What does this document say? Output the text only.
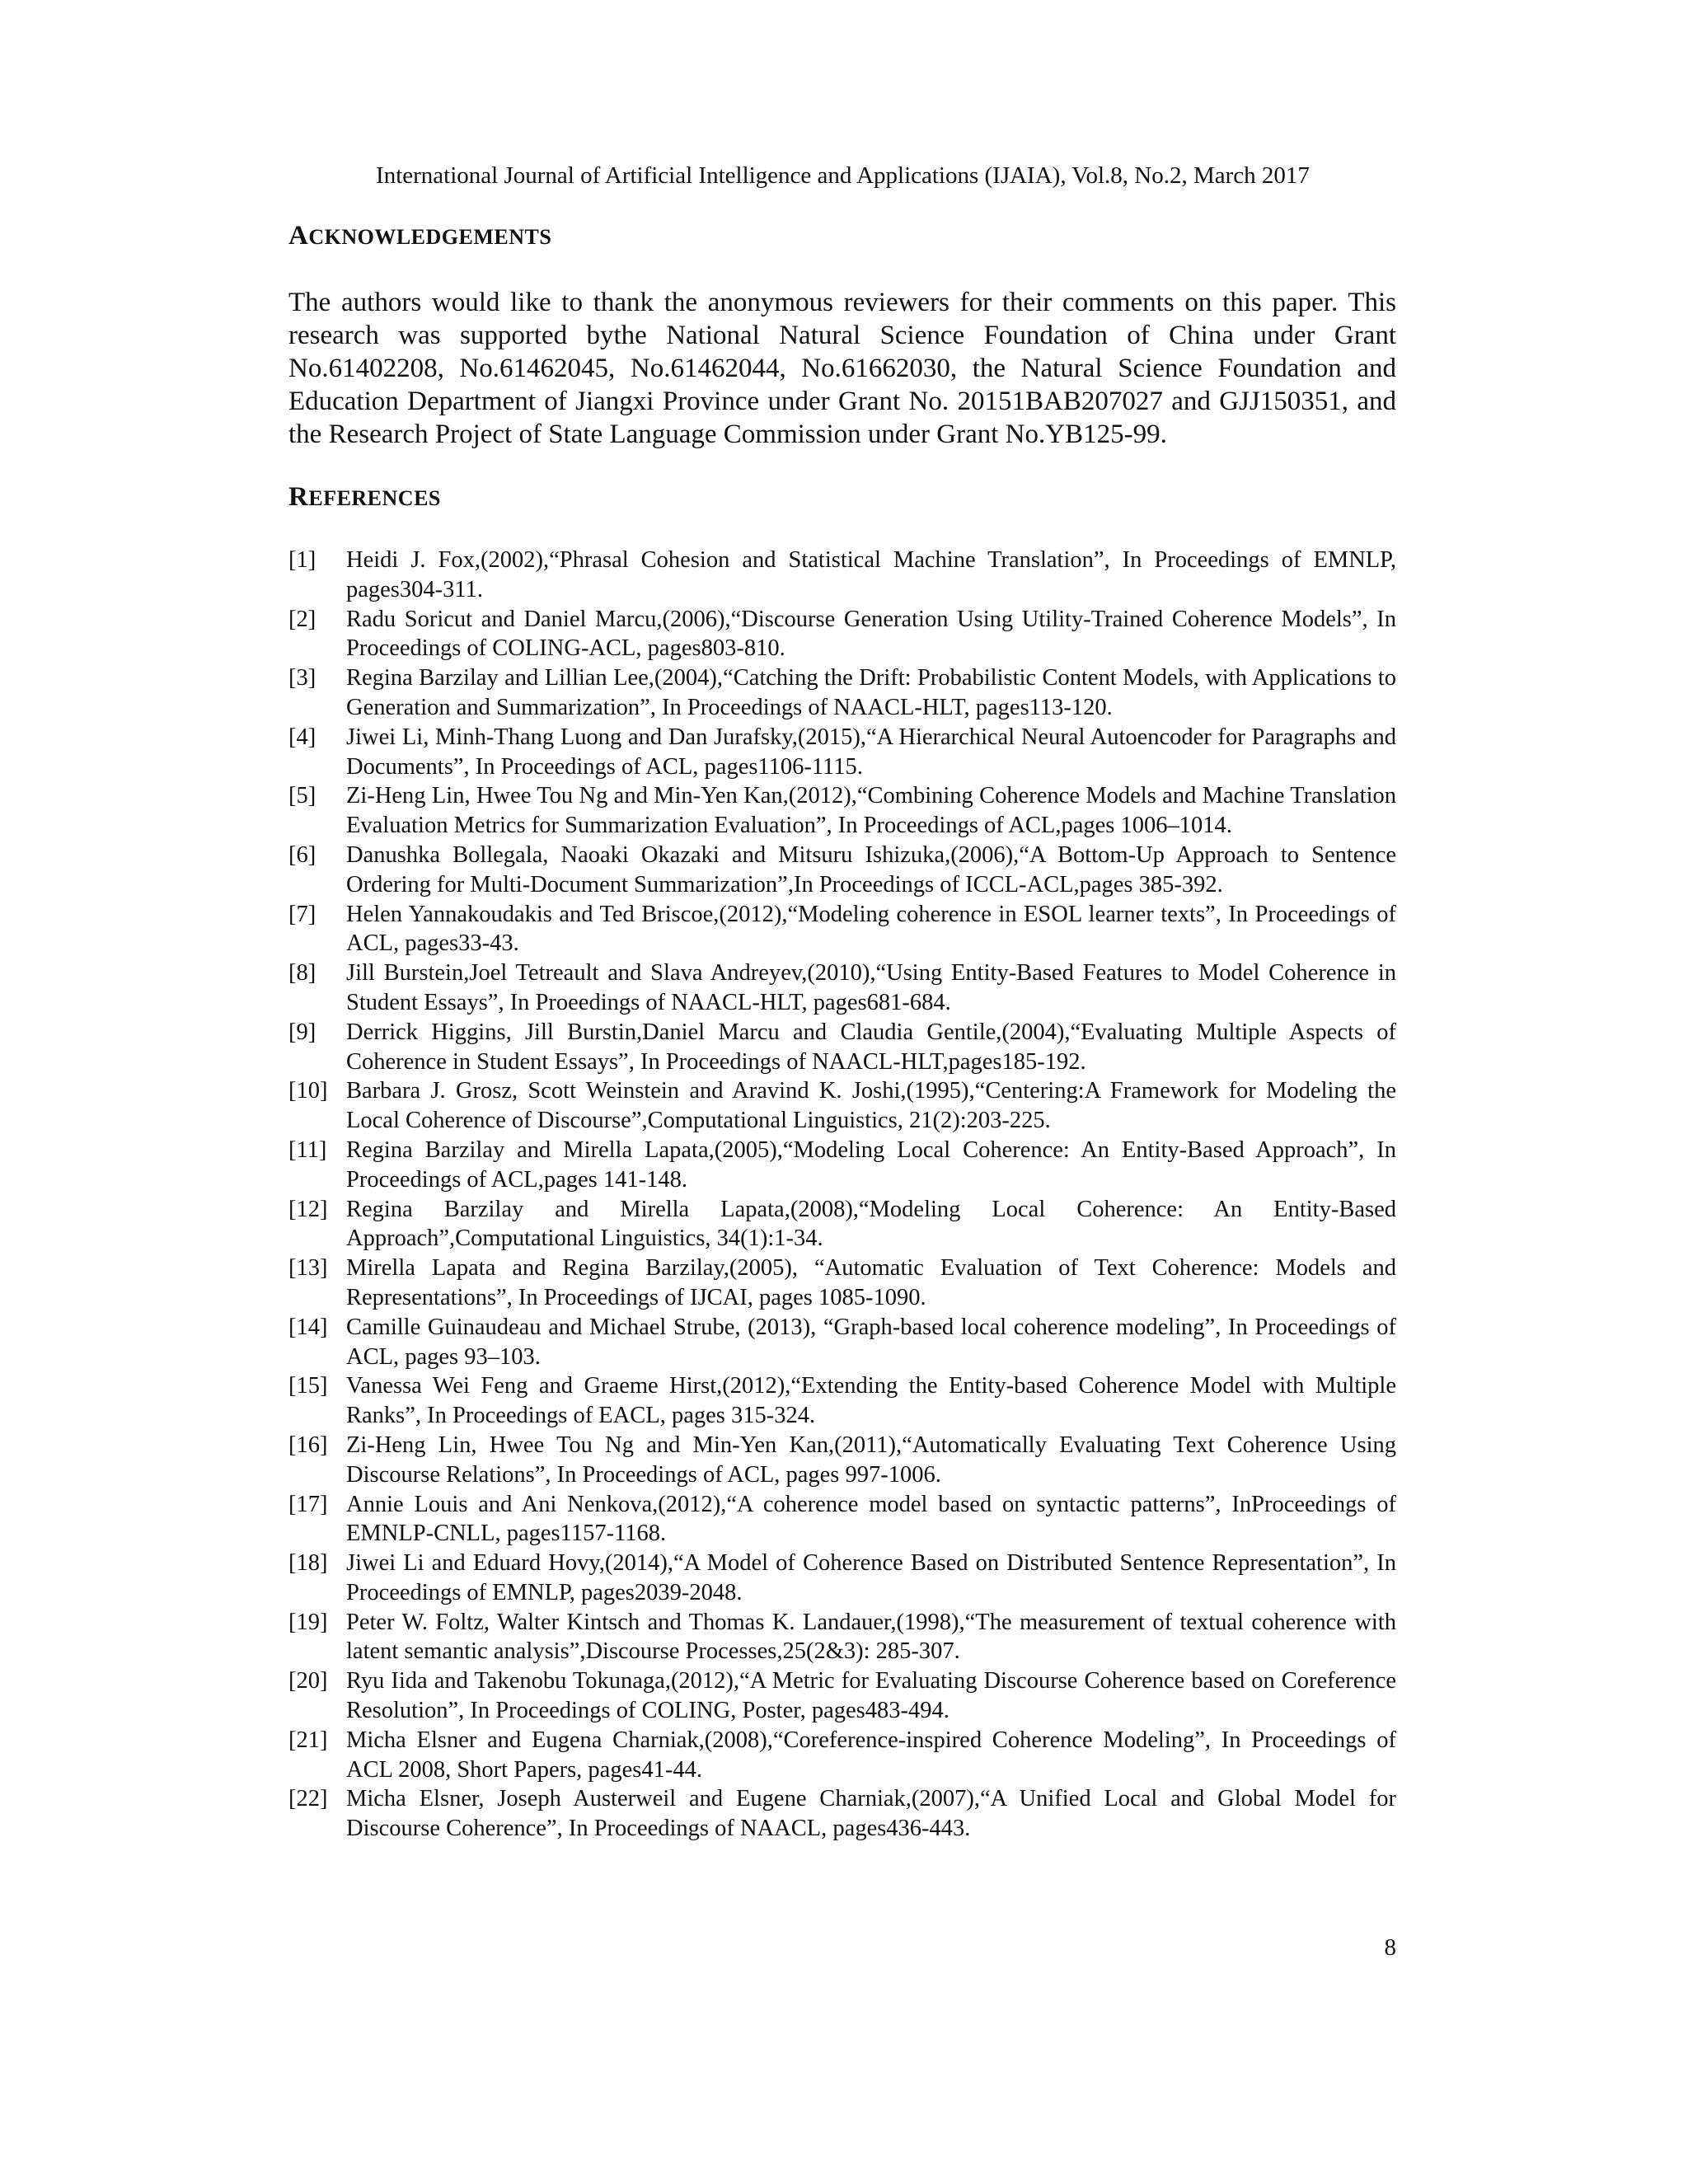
International Journal of Artificial Intelligence and Applications (IJAIA), Vol.8, No.2, March 2017
ACKNOWLEDGEMENTS
The authors would like to thank the anonymous reviewers for their comments on this paper. This research was supported bythe National Natural Science Foundation of China under Grant No.61402208, No.61462045, No.61462044, No.61662030, the Natural Science Foundation and Education Department of Jiangxi Province under Grant No. 20151BAB207027 and GJJ150351, and the Research Project of State Language Commission under Grant No.YB125-99.
REFERENCES
[1] Heidi J. Fox,(2002),“Phrasal Cohesion and Statistical Machine Translation”, In Proceedings of EMNLP, pages304-311.
[2] Radu Soricut and Daniel Marcu,(2006),“Discourse Generation Using Utility-Trained Coherence Models”, In Proceedings of COLING-ACL, pages803-810.
[3] Regina Barzilay and Lillian Lee,(2004),“Catching the Drift: Probabilistic Content Models, with Applications to Generation and Summarization”, In Proceedings of NAACL-HLT, pages113-120.
[4] Jiwei Li, Minh-Thang Luong and Dan Jurafsky,(2015),“A Hierarchical Neural Autoencoder for Paragraphs and Documents”, In Proceedings of ACL, pages1106-1115.
[5] Zi-Heng Lin, Hwee Tou Ng and Min-Yen Kan,(2012),“Combining Coherence Models and Machine Translation Evaluation Metrics for Summarization Evaluation”, In Proceedings of ACL,pages 1006–1014.
[6] Danushka Bollegala, Naoaki Okazaki and Mitsuru Ishizuka,(2006),“A Bottom-Up Approach to Sentence Ordering for Multi-Document Summarization”,In Proceedings of ICCL-ACL,pages 385-392.
[7] Helen Yannakoudakis and Ted Briscoe,(2012),“Modeling coherence in ESOL learner texts”, In Proceedings of ACL, pages33-43.
[8] Jill Burstein,Joel Tetreault and Slava Andreyev,(2010),“Using Entity-Based Features to Model Coherence in Student Essays”, In Proeedings of NAACL-HLT, pages681-684.
[9] Derrick Higgins, Jill Burstin,Daniel Marcu and Claudia Gentile,(2004),“Evaluating Multiple Aspects of Coherence in Student Essays”, In Proceedings of NAACL-HLT,pages185-192.
[10] Barbara J. Grosz, Scott Weinstein and Aravind K. Joshi,(1995),“Centering:A Framework for Modeling the Local Coherence of Discourse”,Computational Linguistics, 21(2):203-225.
[11] Regina Barzilay and Mirella Lapata,(2005),“Modeling Local Coherence: An Entity-Based Approach”, In Proceedings of ACL,pages 141-148.
[12] Regina Barzilay and Mirella Lapata,(2008),“Modeling Local Coherence: An Entity-Based Approach”,Computational Linguistics, 34(1):1-34.
[13] Mirella Lapata and Regina Barzilay,(2005), “Automatic Evaluation of Text Coherence: Models and Representations”, In Proceedings of IJCAI, pages 1085-1090.
[14] Camille Guinaudeau and Michael Strube, (2013), “Graph-based local coherence modeling”, In Proceedings of ACL, pages 93–103.
[15] Vanessa Wei Feng and Graeme Hirst,(2012),“Extending the Entity-based Coherence Model with Multiple Ranks”, In Proceedings of EACL, pages 315-324.
[16] Zi-Heng Lin, Hwee Tou Ng and Min-Yen Kan,(2011),“Automatically Evaluating Text Coherence Using Discourse Relations”, In Proceedings of ACL, pages 997-1006.
[17] Annie Louis and Ani Nenkova,(2012),“A coherence model based on syntactic patterns”, InProceedings of EMNLP-CNLL, pages1157-1168.
[18] Jiwei Li and Eduard Hovy,(2014),“A Model of Coherence Based on Distributed Sentence Representation”, In Proceedings of EMNLP, pages2039-2048.
[19] Peter W. Foltz, Walter Kintsch and Thomas K. Landauer,(1998),“The measurement of textual coherence with latent semantic analysis”,Discourse Processes,25(2&3): 285-307.
[20] Ryu Iida and Takenobu Tokunaga,(2012),“A Metric for Evaluating Discourse Coherence based on Coreference Resolution”, In Proceedings of COLING, Poster, pages483-494.
[21] Micha Elsner and Eugena Charniak,(2008),“Coreference-inspired Coherence Modeling”, In Proceedings of ACL 2008, Short Papers, pages41-44.
[22] Micha Elsner, Joseph Austerweil and Eugene Charniak,(2007),“A Unified Local and Global Model for Discourse Coherence”, In Proceedings of NAACL, pages436-443.
8
